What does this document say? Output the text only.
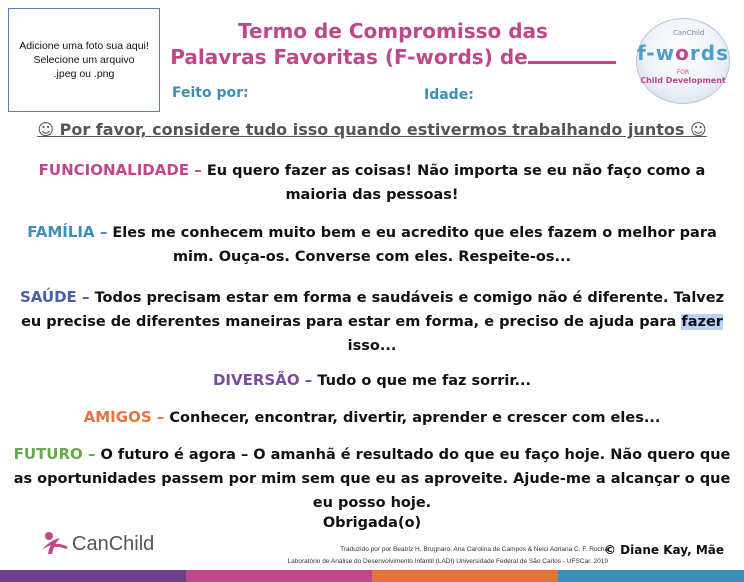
Adicione uma foto sua aqui!
Selecione um arquivo
.jpeg ou .png
Termo de Compromisso das
Palavras Favoritas (F-words) de
Feito por:	Idade:
CanChild
f-words
FOR
Child Development
☺ Por favor, considere tudo isso quando estivermos trabalhando juntos ☺
FUNCIONALIDADE – Eu quero fazer as coisas! Não importa se eu não faço como a maioria das pessoas!
FAMÍLIA – Eles me conhecem muito bem e eu acredito que eles fazem o melhor para mim. Ouça-os. Converse com eles. Respeite-os...
SAÚDE – Todos precisam estar em forma e saudáveis e comigo não é diferente. Talvez eu precise de diferentes maneiras para estar em forma, e preciso de ajuda para fazer isso...
DIVERSÃO – Tudo o que me faz sorrir...
AMIGOS – Conhecer, encontrar, divertir, aprender e crescer com eles...
FUTURO – O futuro é agora – O amanhã é resultado do que eu faço hoje. Não quero que as oportunidades passem por mim sem que eu as aproveite. Ajude-me a alcançar o que eu posso hoje.
Obrigada(o)
CanChild	Traduzido por por Beatriz H. Brugnaro, Ana Carolina de Campos & Nelci Adriana C. F. Rocha
Laboratório de Análise do Desenvolvimento Infantil (LADI) Universidade Federal de São Carlos - UFSCar. 2019
© Diane Kay, Mãe
